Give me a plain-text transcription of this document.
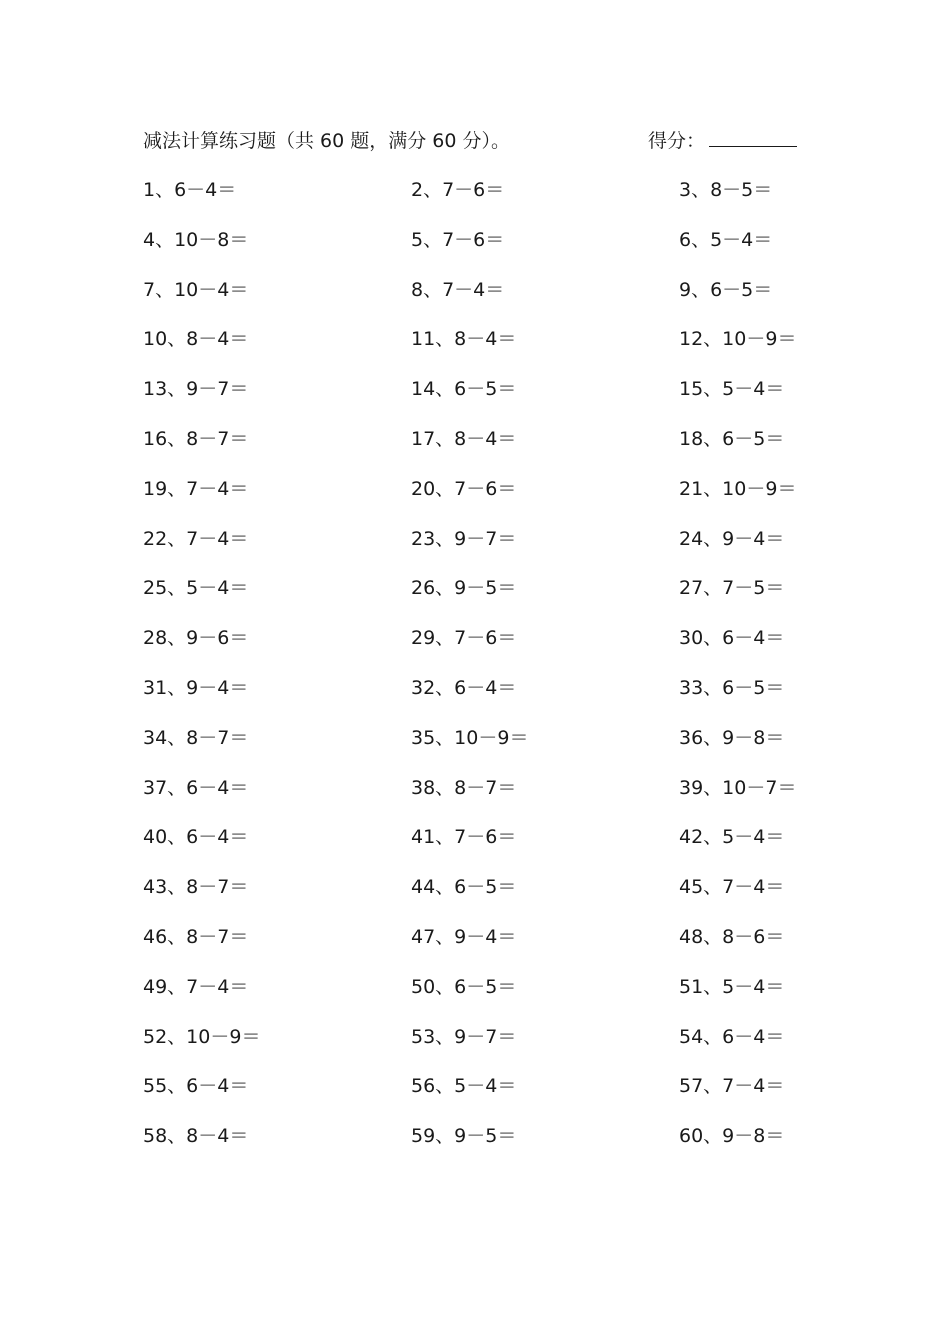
减法计算练习题（共 60 题，满分 60 分）。	得分：
1、6－4＝	2、7－6＝	3、8－5＝
4、10－8＝	5、7－6＝	6、5－4＝
7、10－4＝	8、7－4＝	9、6－5＝
10、8－4＝	11、8－4＝	12、10－9＝
13、9－7＝	14、6－5＝	15、5－4＝
16、8－7＝	17、8－4＝	18、6－5＝
19、7－4＝	20、7－6＝	21、10－9＝
22、7－4＝	23、9－7＝	24、9－4＝
25、5－4＝	26、9－5＝	27、7－5＝
28、9－6＝	29、7－6＝	30、6－4＝
31、9－4＝	32、6－4＝	33、6－5＝
34、8－7＝	35、10－9＝	36、9－8＝
37、6－4＝	38、8－7＝	39、10－7＝
40、6－4＝	41、7－6＝	42、5－4＝
43、8－7＝	44、6－5＝	45、7－4＝
46、8－7＝	47、9－4＝	48、8－6＝
49、7－4＝	50、6－5＝	51、5－4＝
52、10－9＝	53、9－7＝	54、6－4＝
55、6－4＝	56、5－4＝	57、7－4＝
58、8－4＝	59、9－5＝	60、9－8＝
